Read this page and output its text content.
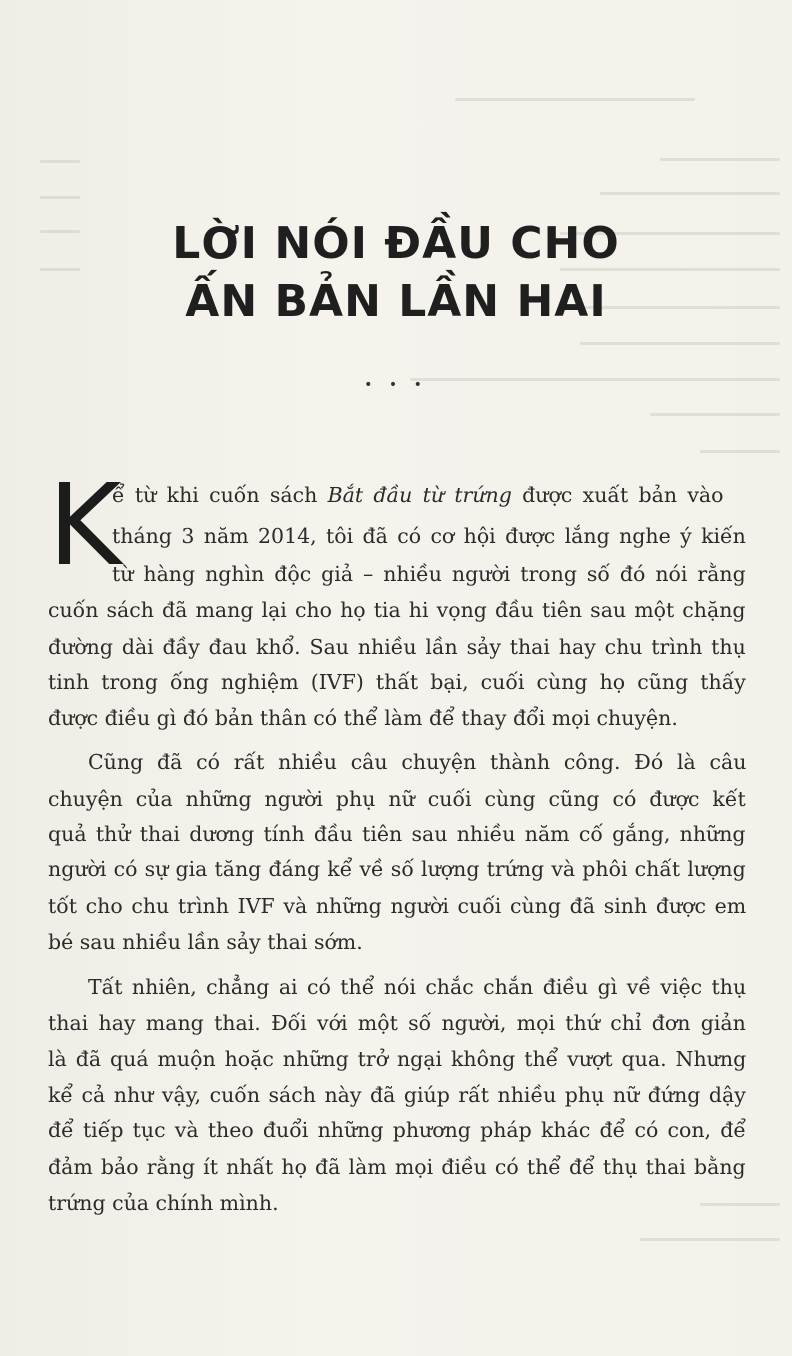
LỜI NÓI ĐẦU CHO
ẤN BẢN LẦN HAI
• • •
K
ể từ khi cuốn sách Bắt đầu từ trứng được xuất bản vào
tháng 3 năm 2014, tôi đã có cơ hội được lắng nghe ý kiến
từ hàng nghìn độc giả – nhiều người trong số đó nói rằng
cuốn sách đã mang lại cho họ tia hi vọng đầu tiên sau một chặng
đường dài đầy đau khổ. Sau nhiều lần sảy thai hay chu trình thụ
tinh trong ống nghiệm (IVF) thất bại, cuối cùng họ cũng thấy
được điều gì đó bản thân có thể làm để thay đổi mọi chuyện.
Cũng đã có rất nhiều câu chuyện thành công. Đó là câu
chuyện của những người phụ nữ cuối cùng cũng có được kết
quả thử thai dương tính đầu tiên sau nhiều năm cố gắng, những
người có sự gia tăng đáng kể về số lượng trứng và phôi chất lượng
tốt cho chu trình IVF và những người cuối cùng đã sinh được em
bé sau nhiều lần sảy thai sớm.
Tất nhiên, chẳng ai có thể nói chắc chắn điều gì về việc thụ
thai hay mang thai. Đối với một số người, mọi thứ chỉ đơn giản
là đã quá muộn hoặc những trở ngại không thể vượt qua. Nhưng
kể cả như vậy, cuốn sách này đã giúp rất nhiều phụ nữ đứng dậy
để tiếp tục và theo đuổi những phương pháp khác để có con, để
đảm bảo rằng ít nhất họ đã làm mọi điều có thể để thụ thai bằng
trứng của chính mình.
